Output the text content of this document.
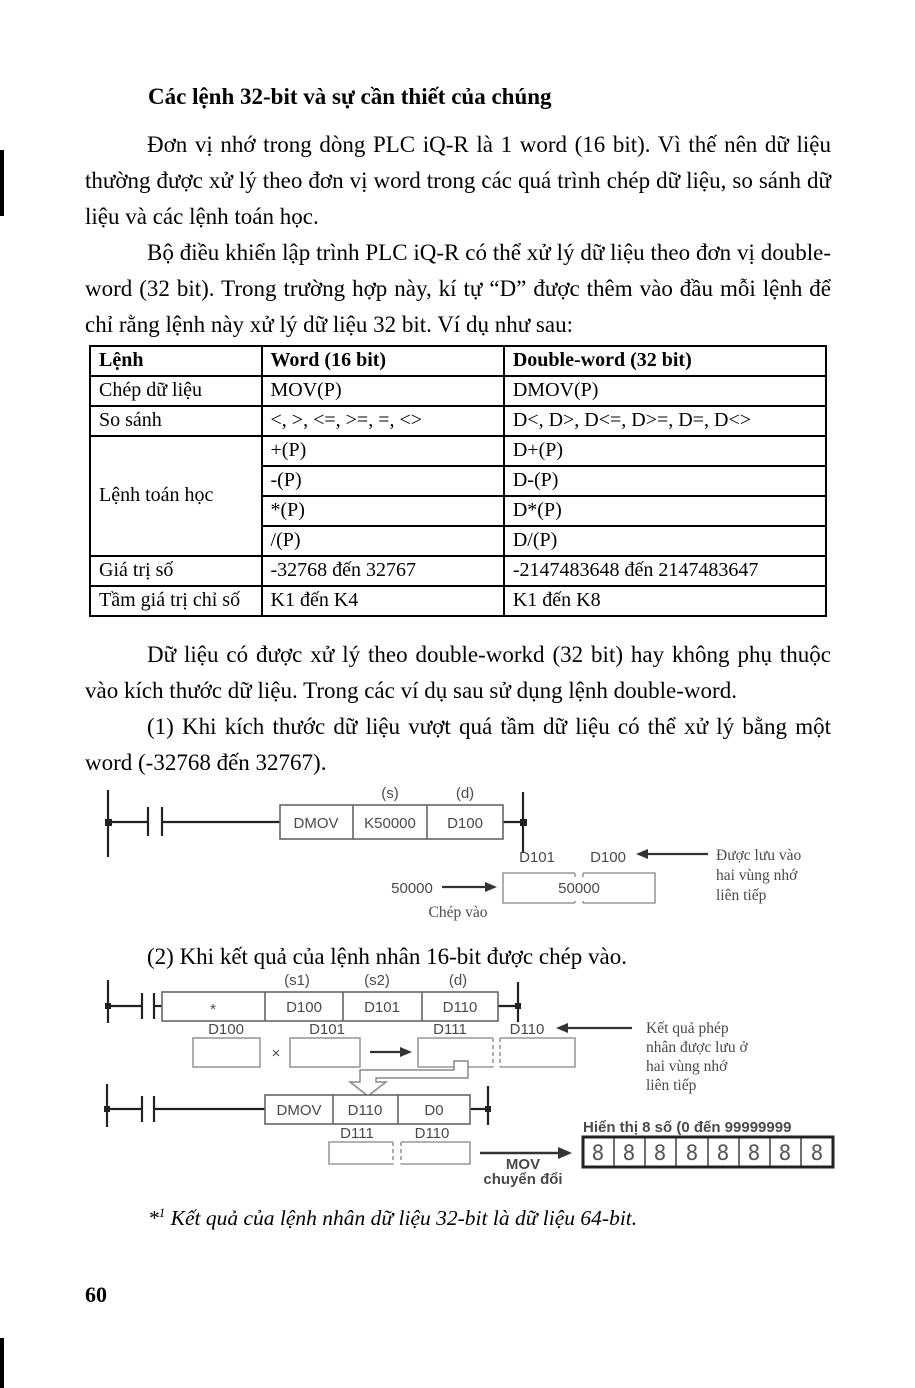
Các lệnh 32-bit và sự cần thiết của chúng
Đơn vị nhớ trong dòng PLC iQ-R là 1 word (16 bit). Vì thế nên dữ liệu thường được xử lý theo đơn vị word trong các quá trình chép dữ liệu, so sánh dữ liệu và các lệnh toán học.
Bộ điều khiển lập trình PLC iQ-R có thể xử lý dữ liệu theo đơn vị double-word (32 bit). Trong trường hợp này, kí tự “D” được thêm vào đầu mỗi lệnh để chỉ rằng lệnh này xử lý dữ liệu 32 bit. Ví dụ như sau:
Lệnh	Word (16 bit)	Double-word (32 bit)
Chép dữ liệu	MOV(P)	DMOV(P)
So sánh	<, >, <=, >=, =, <>	D<, D>, D<=, D>=, D=, D<>
Lệnh toán học	+(P)	D+(P)
	-(P)	D-(P)
	*(P)	D*(P)
	/(P)	D/(P)
Giá trị số	-32768 đến 32767	-2147483648 đến 2147483647
Tầm giá trị chỉ số	K1 đến K4	K1 đến K8
Dữ liệu có được xử lý theo double-workd (32 bit) hay không phụ thuộc vào kích thước dữ liệu. Trong các ví dụ sau sử dụng lệnh double-word.
(1) Khi kích thước dữ liệu vượt quá tầm dữ liệu có thể xử lý bằng một word (-32768 đến 32767).
(s)	(d)
DMOV K50000 D100
D101 D100
50000
50000
Chép vào
Được lưu vào
hai vùng nhớ
liên tiếp
(2) Khi kết quả của lệnh nhân 16-bit được chép vào.
(s1)	(s2)	(d)
*	D100	D101	D110
D100	D101	D111	D110
×
Kết quả phép
nhân được lưu ở
hai vùng nhớ
liên tiếp
DMOV D110	D0
D111	D110
MOV
chuyển đổi
Hiển thị 8 số (0 đến 99999999
8 8 8 8 8 8 8 8
*$^1$ Kết quả của lệnh nhân dữ liệu 32-bit là dữ liệu 64-bit.
60
